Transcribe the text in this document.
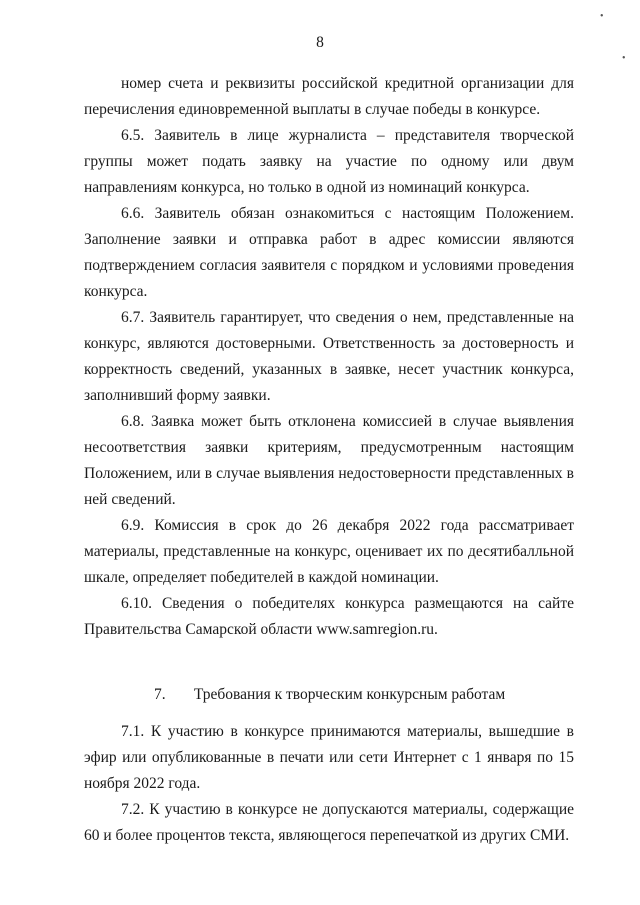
•
•
8

номер счета и реквизиты российской кредитной организации для перечисления единовременной выплаты в случае победы в конкурсе.

6.5. Заявитель в лице журналиста – представителя творческой группы может подать заявку на участие по одному или двум направлениям конкурса, но только в одной из номинаций конкурса.

6.6. Заявитель обязан ознакомиться с настоящим Положением. Заполнение заявки и отправка работ в адрес комиссии являются подтверждением согласия заявителя с порядком и условиями проведения конкурса.

6.7. Заявитель гарантирует, что сведения о нем, представленные на конкурс, являются достоверными. Ответственность за достоверность и корректность сведений, указанных в заявке, несет участник конкурса, заполнивший форму заявки.

6.8. Заявка может быть отклонена комиссией в случае выявления несоответствия заявки критериям, предусмотренным настоящим Положением, или в случае выявления недостоверности представленных в ней сведений.

6.9. Комиссия в срок до 26 декабря 2022 года рассматривает материалы, представленные на конкурс, оценивает их по десятибалльной шкале, определяет победителей в каждой номинации.

6.10. Сведения о победителях конкурса размещаются на сайте Правительства Самарской области www.samregion.ru.

7. Требования к творческим конкурсным работам

7.1. К участию в конкурсе принимаются материалы, вышедшие в эфир или опубликованные в печати или сети Интернет с 1 января по 15 ноября 2022 года.

7.2. К участию в конкурсе не допускаются материалы, содержащие 60 и более процентов текста, являющегося перепечаткой из других СМИ.
